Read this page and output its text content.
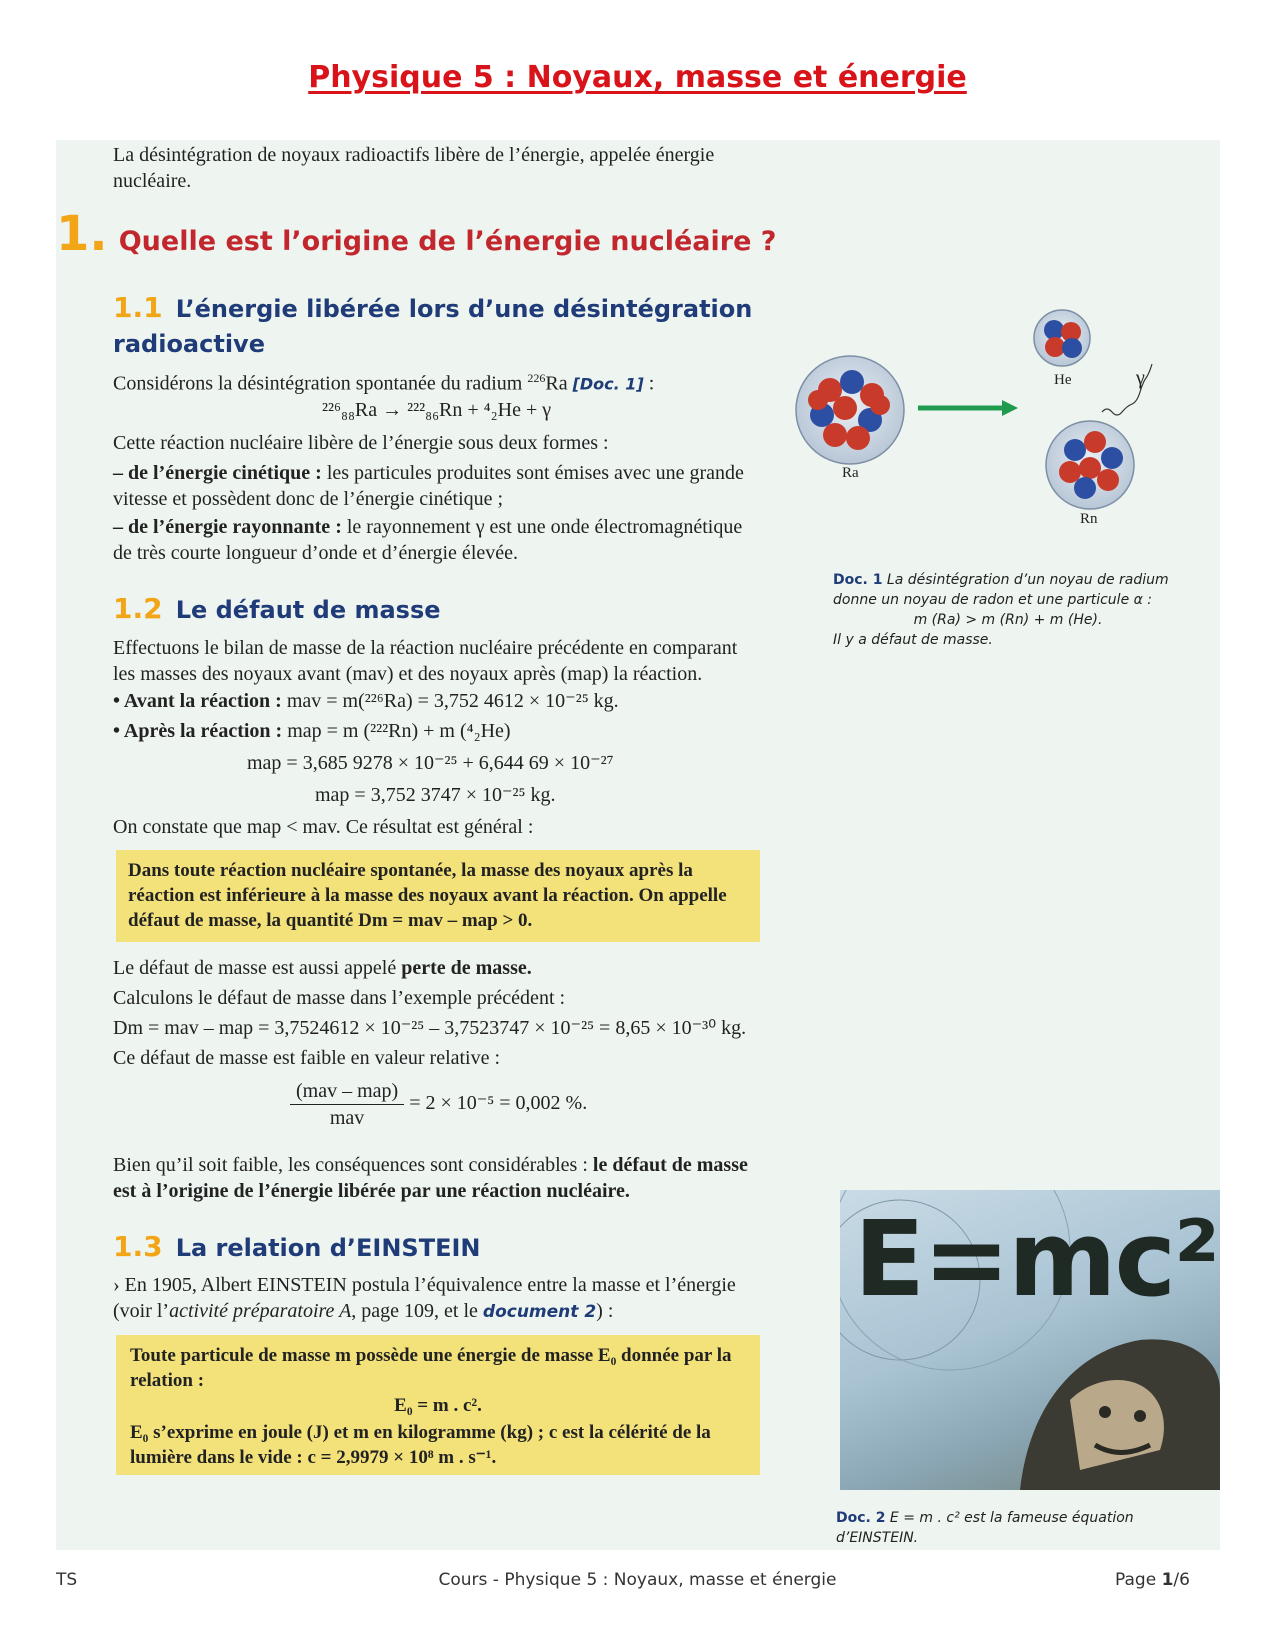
Physique 5 : Noyaux, masse et énergie
La désintégration de noyaux radioactifs libère de l’énergie, appelée énergie nucléaire.
1. Quelle est l’origine de l’énergie nucléaire ?
1.1 L’énergie libérée lors d’une désintégration
radioactive
Considérons la désintégration spontanée du radium $^{226}$Ra [Doc. 1] :
²²⁶₈₈Ra → ²²²₈₆Rn + ⁴₂He + γ
Cette réaction nucléaire libère de l’énergie sous deux formes :
– de l’énergie cinétique : les particules produites sont émises avec une grande vitesse et possèdent donc de l’énergie cinétique ;
– de l’énergie rayonnante : le rayonnement γ est une onde électromagnétique de très courte longueur d’onde et d’énergie élevée.
1.2 Le défaut de masse
Effectuons le bilan de masse de la réaction nucléaire précédente en comparant les masses des noyaux avant (mav) et des noyaux après (map) la réaction.
• Avant la réaction : mav = m(²²⁶Ra) = 3,752 4612 × 10⁻²⁵ kg.
• Après la réaction : map = m (²²²Rn) + m (⁴₂He)
map = 3,685 9278 × 10⁻²⁵ + 6,644 69 × 10⁻²⁷
map = 3,752 3747 × 10⁻²⁵ kg.
On constate que map < mav. Ce résultat est général :
Dans toute réaction nucléaire spontanée, la masse des noyaux après la réaction est inférieure à la masse des noyaux avant la réaction. On appelle défaut de masse, la quantité Dm = mav – map > 0.
Le défaut de masse est aussi appelé perte de masse.
Calculons le défaut de masse dans l’exemple précédent :
Dm = mav – map = 3,7524612 × 10⁻²⁵ – 3,7523747 × 10⁻²⁵ = 8,65 × 10⁻³⁰ kg.
Ce défaut de masse est faible en valeur relative :
$\frac{\text{(mav – map)}}{\text{mav}} = 2 \times 10^{-5} = 0,002$ %.
Bien qu’il soit faible, les conséquences sont considérables : le défaut de masse est à l’origine de l’énergie libérée par une réaction nucléaire.
1.3 La relation d’EINSTEIN
› En 1905, Albert EINSTEIN postula l’équivalence entre la masse et l’énergie (voir l’activité préparatoire A, page 109, et le document 2) :
Toute particule de masse m possède une énergie de masse E₀ donnée par la relation :
E₀ = m . c².
E₀ s’exprime en joule (J) et m en kilogramme (kg) ; c est la célérité de la lumière dans le vide : c = 2,9979 × 10⁸ m . s⁻¹.
Ra
He
Rn
γ
Doc. 1 La désintégration d’un noyau de radium donne un noyau de radon et une particule α :
m (Ra) > m (Rn) + m (He).
Il y a défaut de masse.
E=mc²
Doc. 2 E = m . c² est la fameuse équation d’EINSTEIN.
TS	Cours - Physique 5 : Noyaux, masse et énergie	Page 1/6
